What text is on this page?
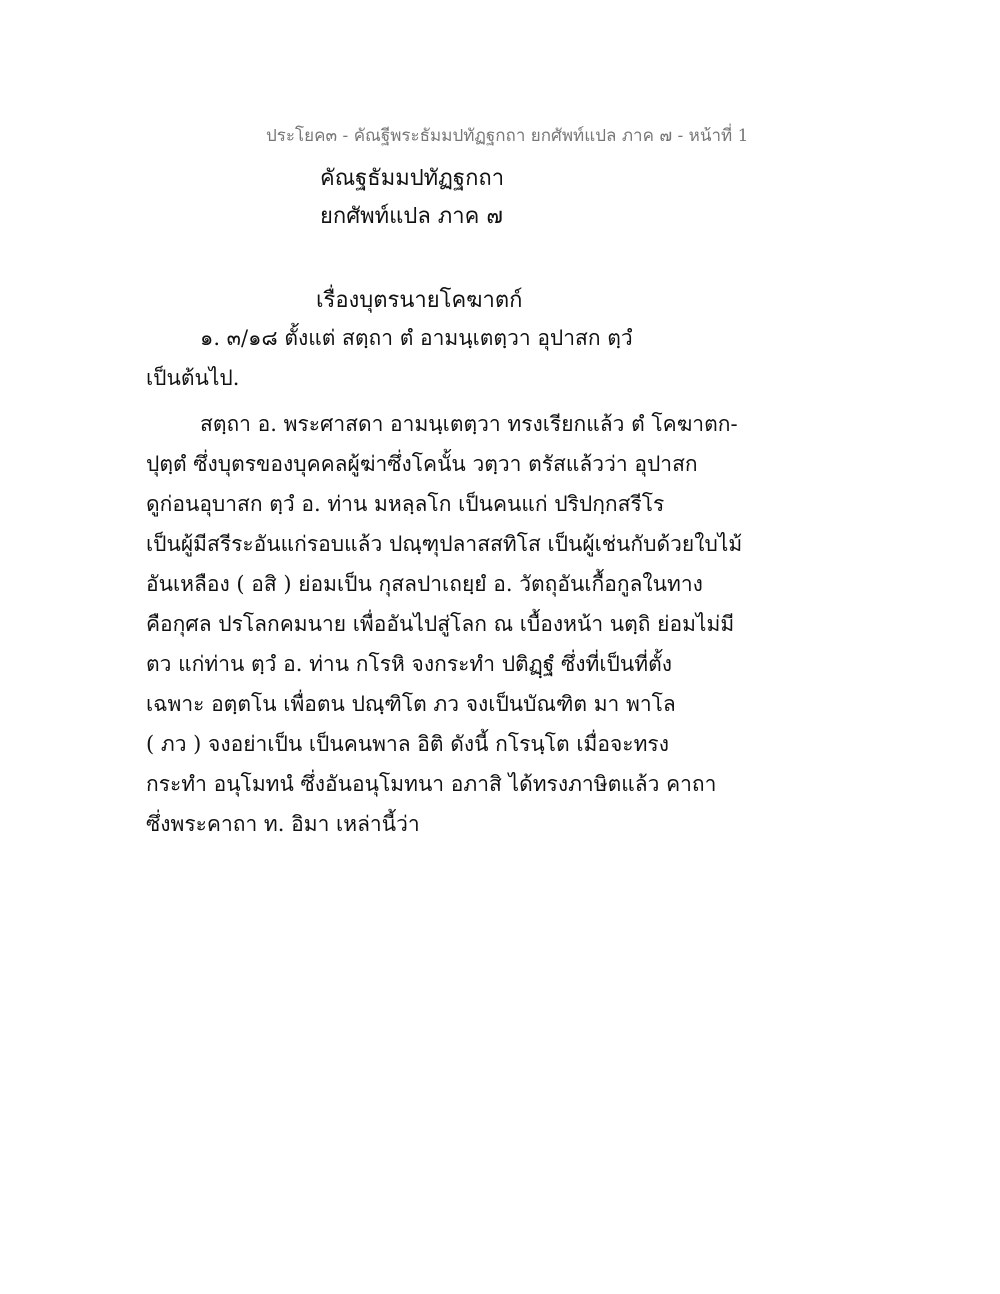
ประโยค๓ - คัณฐีพระธัมมปทัฏฐกถา ยกศัพท์แปล ภาค ๗ - หน้าที่ 1
คัณฐธัมมปทัฏฐกถา
ยกศัพท์แปล ภาค ๗
เรื่องบุตรนายโคฆาตก์
๑. ๓/๑๘ ตั้งแต่ สตฺถา ตํ อามนฺเตตฺวา อุปาสก ตฺวํ
เป็นต้นไป.
สตฺถา อ. พระศาสดา อามนฺเตตฺวา ทรงเรียกแล้ว ตํ โคฆาตก-
ปุตฺตํ ซึ่งบุตรของบุคคลผู้ฆ่าซึ่งโคนั้น วตฺวา ตรัสแล้วว่า อุปาสก
ดูก่อนอุบาสก ตฺวํ อ. ท่าน มหลฺลโก เป็นคนแก่ ปริปกฺกสรีโร
เป็นผู้มีสรีระอันแก่รอบแล้ว ปณฺฑุปลาสสทิโส เป็นผู้เช่นกับด้วยใบไม้
อันเหลือง ( อสิ ) ย่อมเป็น กุสลปาเถยฺยํ อ. วัตถุอันเกื้อกูลในทาง
คือกุศล ปรโลกคมนาย เพื่ออันไปสู่โลก ณ เบื้องหน้า นตฺถิ ย่อมไม่มี
ตว แก่ท่าน ตฺวํ อ. ท่าน กโรหิ จงกระทำ ปติฏฺฐํ ซึ่งที่เป็นที่ตั้ง
เฉพาะ อตฺตโน เพื่อตน ปณฺฑิโต ภว จงเป็นบัณฑิต มา พาโล
( ภว ) จงอย่าเป็น เป็นคนพาล อิติ ดังนี้ กโรนฺโต เมื่อจะทรง
กระทำ อนุโมทนํ ซึ่งอันอนุโมทนา อภาสิ ได้ทรงภาษิตแล้ว คาถา
ซึ่งพระคาถา ท. อิมา เหล่านี้ว่า
